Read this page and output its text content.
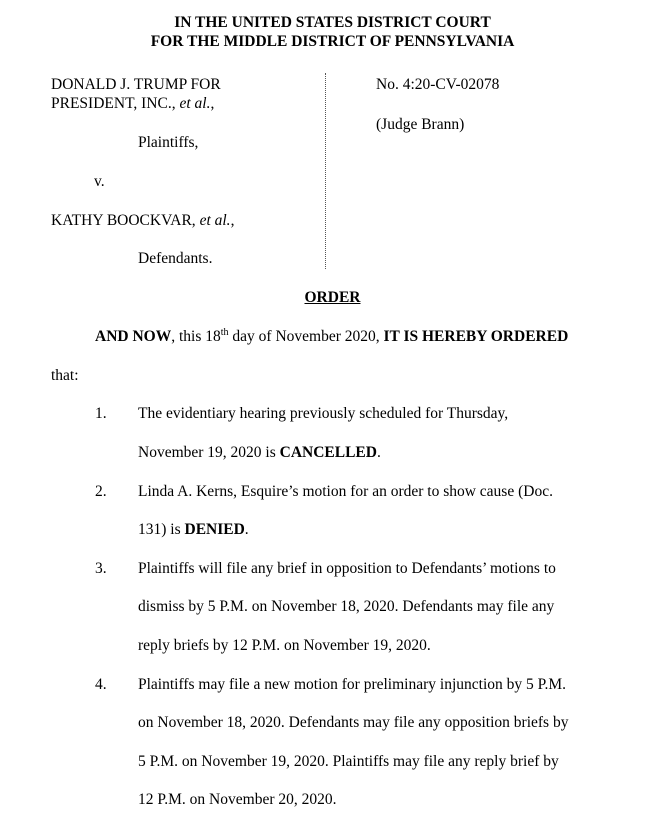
IN THE UNITED STATES DISTRICT COURT
FOR THE MIDDLE DISTRICT OF PENNSYLVANIA
DONALD J. TRUMP FOR
PRESIDENT, INC., et al.,
Plaintiffs,
v.
KATHY BOOCKVAR, et al.,
Defendants.
No. 4:20-CV-02078
(Judge Brann)
ORDER
AND NOW, this 18th day of November 2020, IT IS HEREBY ORDERED
that:
1. The evidentiary hearing previously scheduled for Thursday,
November 19, 2020 is CANCELLED.
2. Linda A. Kerns, Esquire’s motion for an order to show cause (Doc.
131) is DENIED.
3. Plaintiffs will file any brief in opposition to Defendants’ motions to
dismiss by 5 P.M. on November 18, 2020. Defendants may file any
reply briefs by 12 P.M. on November 19, 2020.
4. Plaintiffs may file a new motion for preliminary injunction by 5 P.M.
on November 18, 2020. Defendants may file any opposition briefs by
5 P.M. on November 19, 2020. Plaintiffs may file any reply brief by
12 P.M. on November 20, 2020.
